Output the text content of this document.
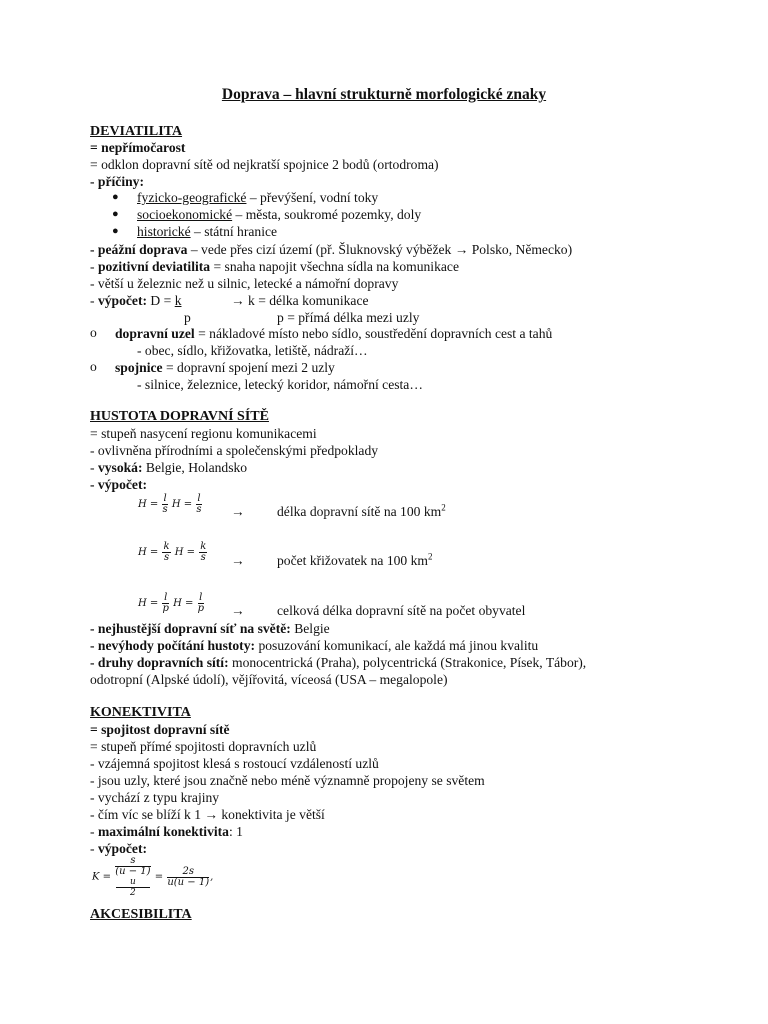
Doprava – hlavní strukturně morfologické znaky
DEVIATILITA
= nepřímočarost
= odklon dopravní sítě od nejkratší spojnice 2 bodů (ortodroma)
- příčiny:
● fyzicko-geografické – převýšení, vodní toky
● socioekonomické – města, soukromé pozemky, doly
● historické – státní hranice
- peážní doprava – vede přes cizí území (př. Šluknovský výběžek → Polsko, Německo)
- pozitivní deviatilita = snaha napojit všechna sídla na komunikace
- větší u železnic než u silnic, letecké a námořní dopravy
- výpočet: D = k	→ k = délka komunikace
p	p = přímá délka mezi uzly
o dopravní uzel = nákladové místo nebo sídlo, soustředění dopravních cest a tahů
- obec, sídlo, křižovatka, letiště, nádraží…
o spojnice = dopravní spojení mezi 2 uzly
- silnice, železnice, letecký koridor, námořní cesta…
HUSTOTA DOPRAVNÍ SÍTĚ
= stupeň nasycení regionu komunikacemi
- ovlivněna přírodními a společenskými předpoklady
- vysoká: Belgie, Holandsko
- výpočet:
$H = \frac{l}{s}$ $H = \frac{l}{s}$ → délka dopravní sítě na 100 $km^2$
$H = \frac{k}{s}$ $H = \frac{k}{s}$ → počet křižovatek na 100 $km^2$
$H = \frac{l}{p}$ $H = \frac{l}{p}$ → celková délka dopravní sítě na počet obyvatel
- nejhustější dopravní síť na světě: Belgie
- nevýhody počítání hustoty: posuzování komunikací, ale každá má jinou kvalitu
- druhy dopravních sítí: monocentrická (Praha), polycentrická (Strakonice, Písek, Tábor),
odotropní (Alpské údolí), vějířovitá, víceosá (USA – megalopole)
KONEKTIVITA
= spojitost dopravní sítě
= stupeň přímé spojitosti dopravních uzlů
- vzájemná spojitost klesá s rostoucí vzdáleností uzlů
- jsou uzly, které jsou značně nebo méně významně propojeny se světem
- vychází z typu krajiny
- čím víc se blíží k 1 → konektivita je větší
- maximální konektivita: 1
- výpočet:
K = s
(u − 1)
u
$2 = \frac{2s}{u(u - 1)}$ ,
AKCESIBILITA
